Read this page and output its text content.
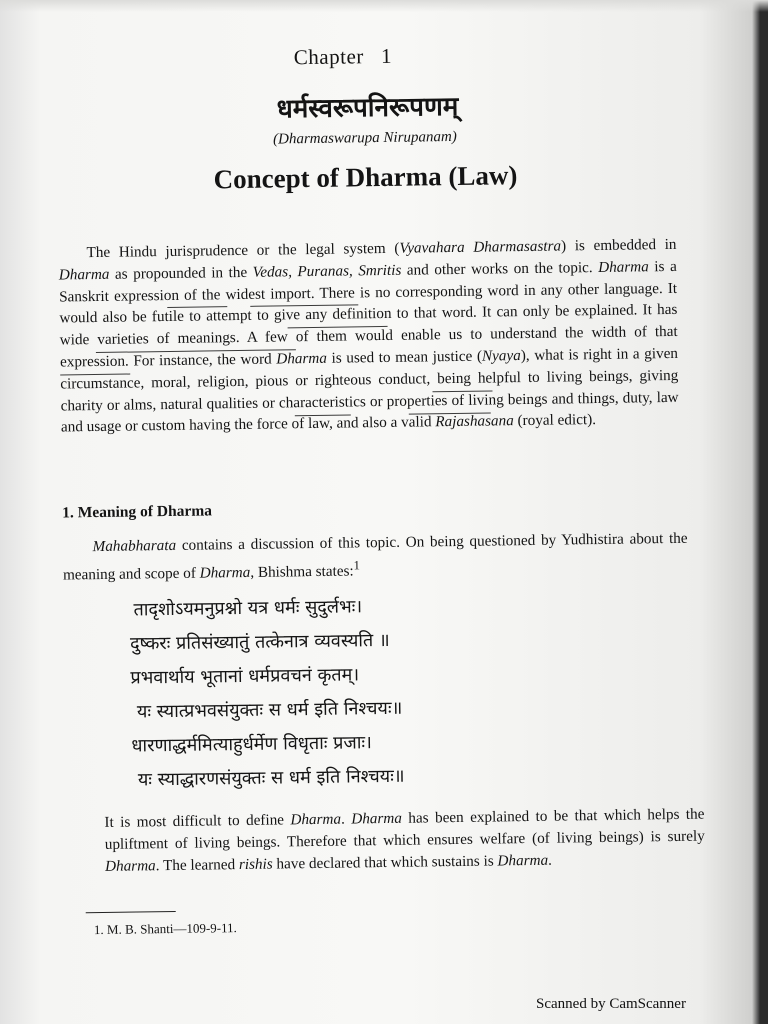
Chapter   1
धर्मस्वरूपनिरूपणम्
(Dharmaswarupa Nirupanam)
Concept of Dharma (Law)
The Hindu jurisprudence or the legal system (Vyavahara Dharmasastra) is embedded in Dharma as propounded in the Vedas, Puranas, Smritis and other works on the topic. Dharma is a Sanskrit expression of the widest import. There is no corresponding word in any other language. It would also be futile to attempt to give any definition to that word. It can only be explained. It has wide varieties of meanings. A few of them would enable us to understand the width of that expression. For instance, the word Dharma is used to mean justice (Nyaya), what is right in a given circumstance, moral, religion, pious or righteous conduct, being helpful to living beings, giving charity or alms, natural qualities or characteristics or properties of living beings and things, duty, law and usage or custom having the force of law, and also a valid Rajashasana (royal edict).
1. Meaning of Dharma
Mahabharata contains a discussion of this topic. On being questioned by Yudhistira about the meaning and scope of Dharma, Bhishma states:$^1$
तादृशोऽयमनुप्रश्नो यत्र धर्मः सुदुर्लभः।
दुष्करः प्रतिसंख्यातुं तत्केनात्र व्यवस्यति ॥
प्रभवार्थाय भूतानां धर्मप्रवचनं कृतम्।
यः स्यात्प्रभवसंयुक्तः स धर्म इति निश्चयः॥
धारणाद्धर्ममित्याहुर्धर्मेण विधृताः प्रजाः।
यः स्याद्धारणसंयुक्तः स धर्म इति निश्चयः॥
It is most difficult to define Dharma. Dharma has been explained to be that which helps the upliftment of living beings. Therefore that which ensures welfare (of living beings) is surely Dharma. The learned rishis have declared that which sustains is Dharma.
1. M. B. Shanti—109-9-11.
Scanned by CamScanner
